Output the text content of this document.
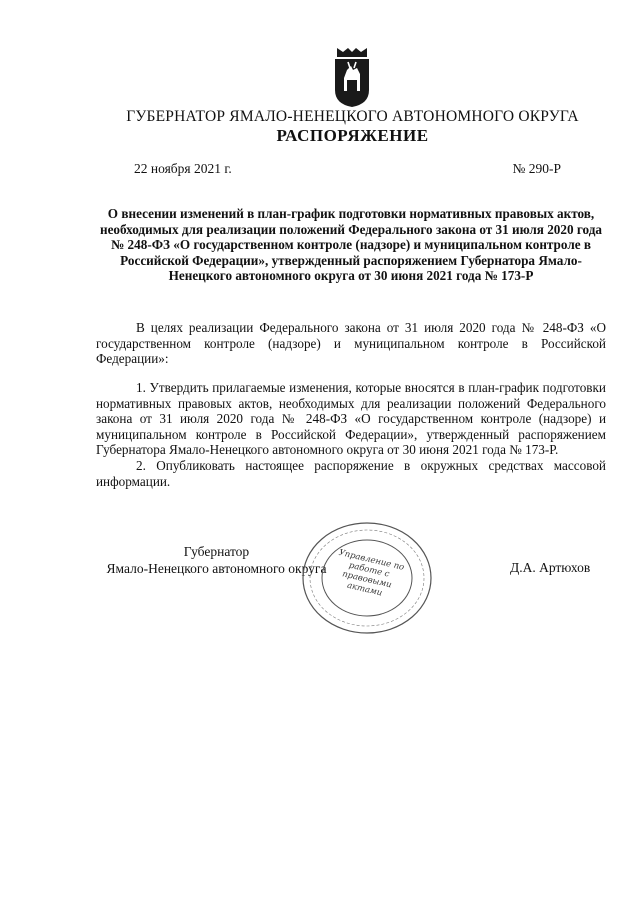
ГУБЕРНАТОР ЯМАЛО-НЕНЕЦКОГО АВТОНОМНОГО ОКРУГА
РАСПОРЯЖЕНИЕ
22 ноября 2021 г.	№ 290-Р
О внесении изменений в план-график подготовки нормативных правовых актов, необходимых для реализации положений Федерального закона от 31 июля 2020 года № 248-ФЗ «О государственном контроле (надзоре) и муниципальном контроле в Российской Федерации», утвержденный распоряжением Губернатора Ямало-Ненецкого автономного округа от 30 июня 2021 года № 173-Р

В целях реализации Федерального закона от 31 июля 2020 года № 248-ФЗ «О государственном контроле (надзоре) и муниципальном контроле в Российской Федерации»:

1. Утвердить прилагаемые изменения, которые вносятся в план-график подготовки нормативных правовых актов, необходимых для реализации положений Федерального закона от 31 июля 2020 года № 248-ФЗ «О государственном контроле (надзоре) и муниципальном контроле в Российской Федерации», утвержденный распоряжением Губернатора Ямало-Ненецкого автономного округа от 30 июня 2021 года № 173-Р.

2. Опубликовать настоящее распоряжение в окружных средствах массовой информации.

Губернатор
Ямало-Ненецкого автономного округа	Д.А. Артюхов
Управление по работе с правовыми актами
